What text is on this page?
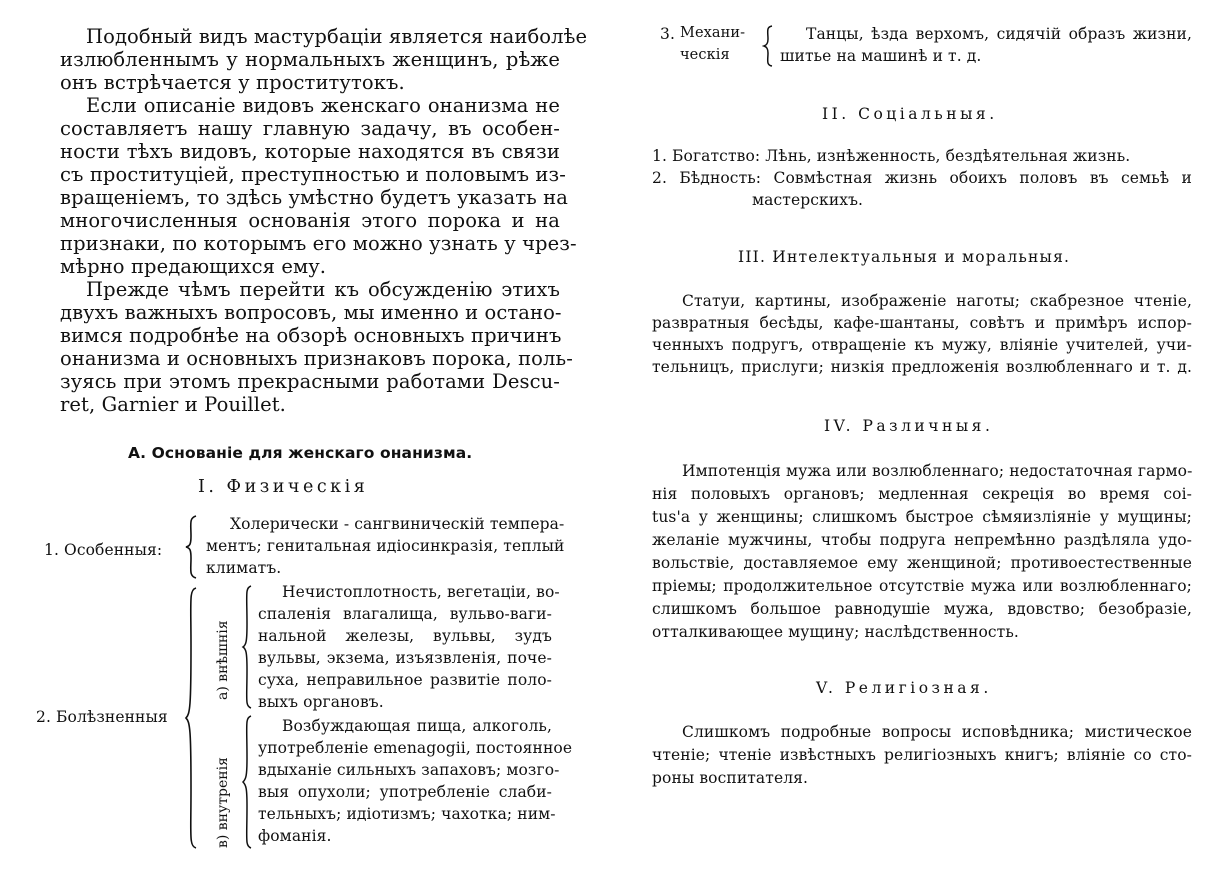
Подобный видъ мастурбаціи является наиболѣе
излюбленнымъ у нормальныхъ женщинъ, рѣже
онъ встрѣчается у проститутокъ.
Если описаніе видовъ женскаго онанизма не
составляетъ нашу главную задачу, въ особен-
ности тѣхъ видовъ, которые находятся въ связи
съ проституціей, преступностью и половымъ из-
вращеніемъ, то здѣсь умѣстно будетъ указать на
многочисленныя основанія этого порока и на
признаки, по которымъ его можно узнать у чрез-
мѣрно предающихся ему.
Прежде чѣмъ перейти къ обсужденію этихъ
двухъ важныхъ вопросовъ, мы именно и остано-
вимся подробнѣе на обзорѣ основныхъ причинъ
онанизма и основныхъ признаковъ порока, поль-
зуясь при этомъ прекрасными работами Descu-
ret, Garnier и Pouillet.
А. Основаніе для женскаго онанизма.
I. Физическія
1. Особенныя:
Холерически - сангвиническій темпера-
ментъ; генитальная идіосинкразія, теплый
климатъ.
2. Болѣзненныя
а) внѣшнія
Нечистоплотность, вегетаціи, во-
спаленія влагалища, вульво-ваги-
нальной железы, вульвы, зудъ
вульвы, экзема, изъязвленія, поче-
суха, неправильное развитіе поло-
выхъ органовъ.
в) внутренія
Возбуждающая пища, алкоголь,
употребленіе emenagogii, постоянное
вдыханіе сильныхъ запаховъ; мозго-
выя опухоли; употребленіе слаби-
тельныхъ; идіотизмъ; чахотка; ним-
фоманія.
3. Механи-
ческія
Танцы, ѣзда верхомъ, сидячій образъ жизни,
шитье на машинѣ и т. д.
II. Соціальныя.
1. Богатство: Лѣнь, изнѣженность, бездѣятельная жизнь.
2. Бѣдность: Совмѣстная жизнь обоихъ половъ въ семьѣ и
мастерскихъ.
III. Интелектуальныя и моральныя.
Статуи, картины, изображеніе наготы; скабрезное чтеніе,
развратныя бесѣды, кафе-шантаны, совѣтъ и примѣръ испор-
ченныхъ подругъ, отвращеніе къ мужу, вліяніе учителей, учи-
тельницъ, прислуги; низкія предложенія возлюбленнаго и т. д.
IV. Различныя.
Импотенція мужа или возлюбленнаго; недостаточная гармо-
нія половыхъ органовъ; медленная секреція во время coi-
tus'а у женщины; слишкомъ быстрое сѣмяизліяніе у мущины;
желаніе мужчины, чтобы подруга непремѣнно раздѣляла удо-
вольствіе, доставляемое ему женщиной; противоестественные
пріемы; продолжительное отсутствіе мужа или возлюбленнаго;
слишкомъ большое равнодушіе мужа, вдовство; безобразіе,
отталкивающее мущину; наслѣдственность.
V. Религіозная.
Слишкомъ подробные вопросы исповѣдника; мистическое
чтеніе; чтеніе извѣстныхъ религіозныхъ книгъ; вліяніе со сто-
роны воспитателя.
